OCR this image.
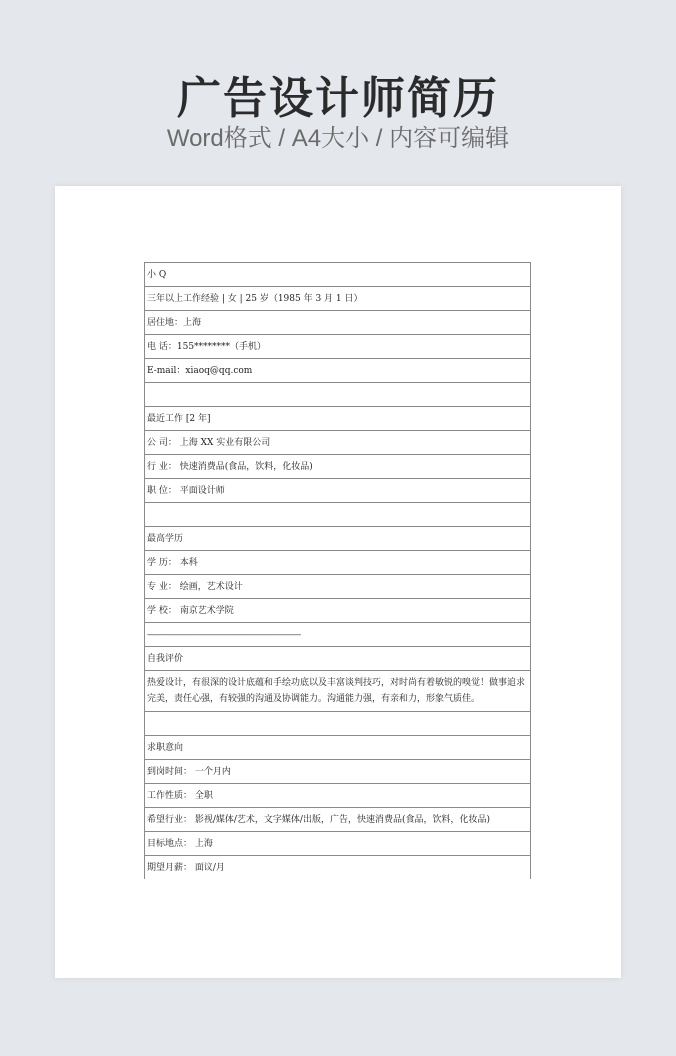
广告设计师简历
Word格式 / A4大小 / 内容可编辑
小 Q
三年以上工作经验 | 女 | 25 岁（1985 年 3 月 1 日）
居住地：上海
电 话：155********（手机）
E-mail：xiaoq@qq.com

最近工作 [2 年]
公 司： 上海 XX 实业有限公司
行 业： 快速消费品(食品，饮料，化妆品)
职 位： 平面设计师

最高学历
学 历： 本科
专 业： 绘画，艺术设计
学 校： 南京艺术学院
------------------------------------------------------------------------------------------
自我评价
热爱设计，有很深的设计底蕴和手绘功底以及丰富谈判技巧，对时尚有着敏锐的嗅觉！做事追求完美，责任心强，有较强的沟通及协调能力。沟通能力强，有亲和力，形象气质佳。

求职意向
到岗时间： 一个月内
工作性质： 全职
希望行业： 影视/媒体/艺术，文字媒体/出版，广告，快速消费品(食品，饮料，化妆品)
目标地点： 上海
期望月薪： 面议/月
